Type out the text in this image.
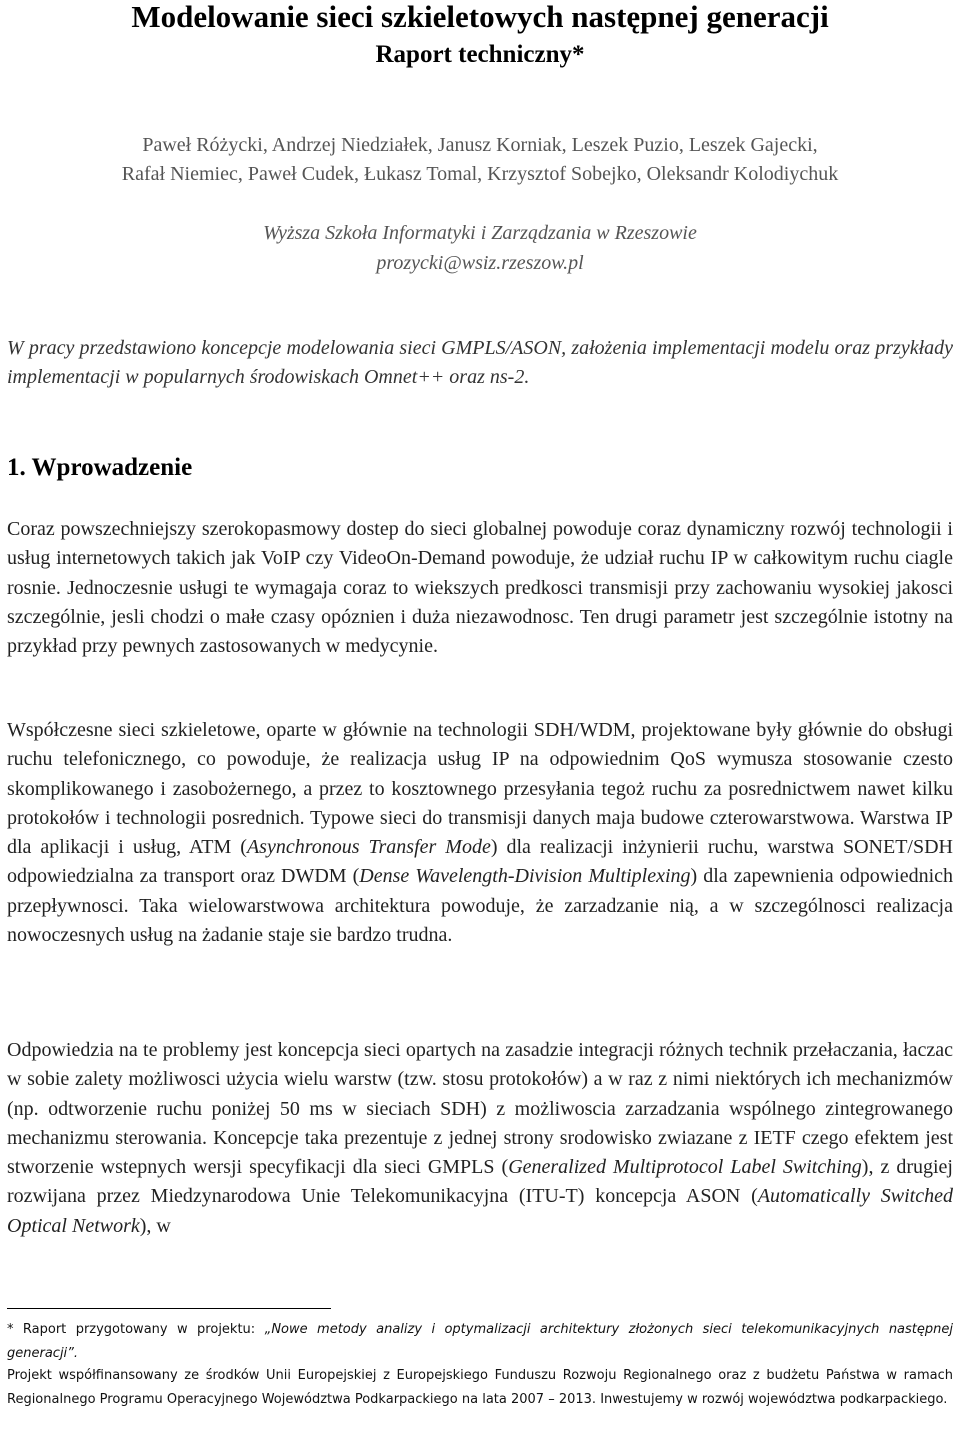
Modelowanie sieci szkieletowych następnej generacji
Raport techniczny*
Paweł Różycki, Andrzej Niedziałek, Janusz Korniak, Leszek Puzio, Leszek Gajecki,
Rafał Niemiec, Paweł Cudek, Łukasz Tomal, Krzysztof Sobejko, Oleksandr Kolodiychuk
Wyższa Szkoła Informatyki i Zarządzania w Rzeszowie
prozycki@wsiz.rzeszow.pl
W pracy przedstawiono koncepcje modelowania sieci GMPLS/ASON, założenia implementacji modelu oraz przykłady implementacji w popularnych środowiskach Omnet++ oraz ns-2.
1. Wprowadzenie
Coraz powszechniejszy szerokopasmowy dostep do sieci globalnej powoduje coraz dynamiczny rozwój technologii i usług internetowych takich jak VoIP czy VideoOn-Demand powoduje, że udział ruchu IP w całkowitym ruchu ciagle rosnie. Jednoczesnie usługi te wymagaja coraz to wiekszych predkosci transmisji przy zachowaniu wysokiej jakosci szczególnie, jesli chodzi o małe czasy opóznien i duża niezawodnosc. Ten drugi parametr jest szczególnie istotny na przykład przy pewnych zastosowanych w medycynie.
Współczesne sieci szkieletowe, oparte w głównie na technologii SDH/WDM, projektowane były głównie do obsługi ruchu telefonicznego, co powoduje, że realizacja usług IP na odpowiednim QoS wymusza stosowanie czesto skomplikowanego i zasobożernego, a przez to kosztownego przesyłania tegoż ruchu za posrednictwem nawet kilku protokołów i technologii posrednich. Typowe sieci do transmisji danych maja budowe czterowarstwowa. Warstwa IP dla aplikacji i usług, ATM (Asynchronous Transfer Mode) dla realizacji inżynierii ruchu, warstwa SONET/SDH odpowiedzialna za transport oraz DWDM (Dense Wavelength-Division Multiplexing) dla zapewnienia odpowiednich przepływnosci. Taka wielowarstwowa architektura powoduje, że zarzadzanie nią, a w szczególnosci realizacja nowoczesnych usług na żadanie staje sie bardzo trudna.
Odpowiedzia na te problemy jest koncepcja sieci opartych na zasadzie integracji różnych technik przełaczania, łaczac w sobie zalety możliwosci użycia wielu warstw (tzw. stosu protokołów) a w raz z nimi niektórych ich mechanizmów (np. odtworzenie ruchu poniżej 50 ms w sieciach SDH) z możliwoscia zarzadzania wspólnego zintegrowanego mechanizmu sterowania. Koncepcje taka prezentuje z jednej strony srodowisko zwiazane z IETF czego efektem jest stworzenie wstepnych wersji specyfikacji dla sieci GMPLS (Generalized Multiprotocol Label Switching), z drugiej rozwijana przez Miedzynarodowa Unie Telekomunikacyjna (ITU-T) koncepcja ASON (Automatically Switched Optical Network), w
* Raport przygotowany w projektu: „Nowe metody analizy i optymalizacji architektury złożonych sieci telekomunikacyjnych następnej generacji”.
Projekt współfinansowany ze środków Unii Europejskiej z Europejskiego Funduszu Rozwoju Regionalnego oraz z budżetu Państwa w ramach Regionalnego Programu Operacyjnego Województwa Podkarpackiego na lata 2007 – 2013. Inwestujemy w rozwój województwa podkarpackiego.
